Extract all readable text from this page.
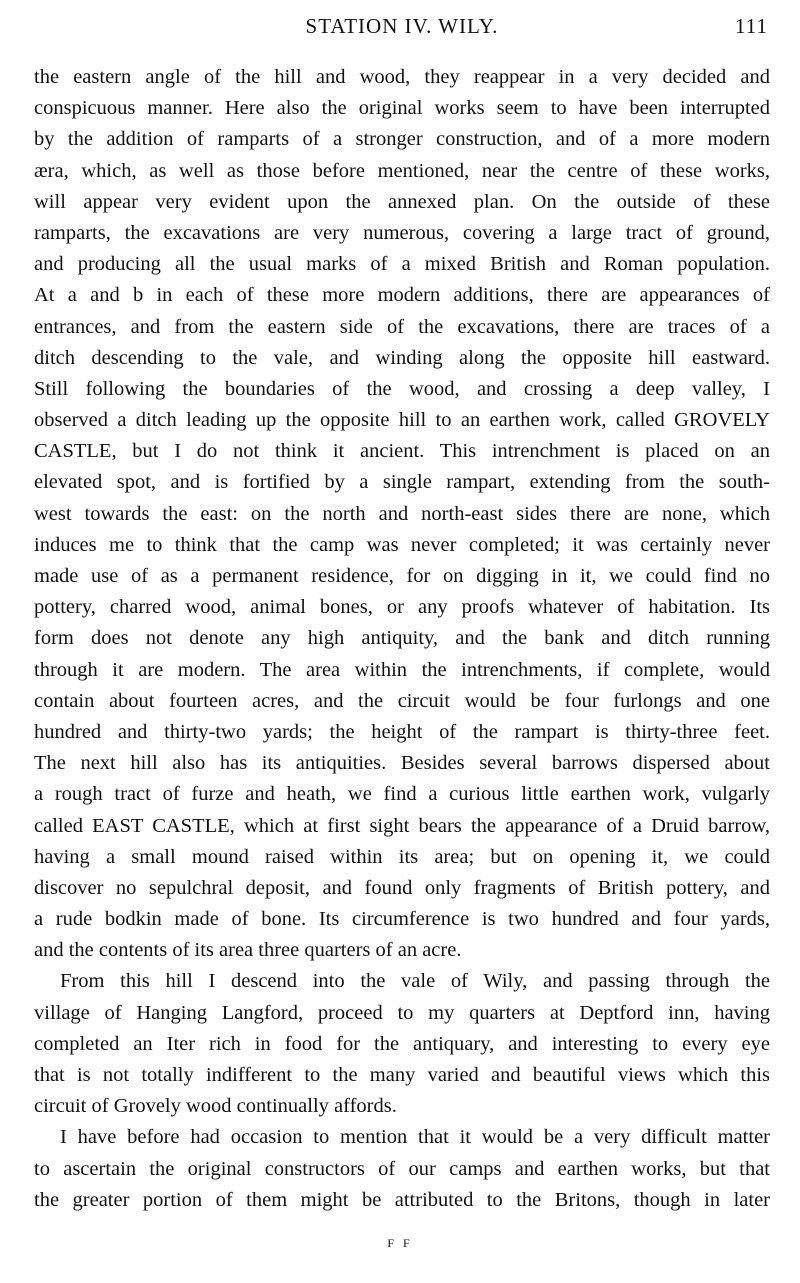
STATION IV. WILY.	111
the eastern angle of the hill and wood, they reappear in a very decided and
conspicuous manner. Here also the original works seem to have been interrupted
by the addition of ramparts of a stronger construction, and of a more modern
æra, which, as well as those before mentioned, near the centre of these works,
will appear very evident upon the annexed plan. On the outside of these
ramparts, the excavations are very numerous, covering a large tract of ground,
and producing all the usual marks of a mixed British and Roman population.
At a and b in each of these more modern additions, there are appearances of
entrances, and from the eastern side of the excavations, there are traces of a
ditch descending to the vale, and winding along the opposite hill eastward.
Still following the boundaries of the wood, and crossing a deep valley, I
observed a ditch leading up the opposite hill to an earthen work, called GROVELY
CASTLE, but I do not think it ancient. This intrenchment is placed on an
elevated spot, and is fortified by a single rampart, extending from the south-
west towards the east: on the north and north-east sides there are none, which
induces me to think that the camp was never completed; it was certainly never
made use of as a permanent residence, for on digging in it, we could find no
pottery, charred wood, animal bones, or any proofs whatever of habitation. Its
form does not denote any high antiquity, and the bank and ditch running
through it are modern. The area within the intrenchments, if complete, would
contain about fourteen acres, and the circuit would be four furlongs and one
hundred and thirty-two yards; the height of the rampart is thirty-three feet.
The next hill also has its antiquities. Besides several barrows dispersed about
a rough tract of furze and heath, we find a curious little earthen work, vulgarly
called EAST CASTLE, which at first sight bears the appearance of a Druid barrow,
having a small mound raised within its area; but on opening it, we could
discover no sepulchral deposit, and found only fragments of British pottery, and
a rude bodkin made of bone. Its circumference is two hundred and four yards,
and the contents of its area three quarters of an acre.
From this hill I descend into the vale of Wily, and passing through the
village of Hanging Langford, proceed to my quarters at Deptford inn, having
completed an Iter rich in food for the antiquary, and interesting to every eye
that is not totally indifferent to the many varied and beautiful views which this
circuit of Grovely wood continually affords.
I have before had occasion to mention that it would be a very difficult matter
to ascertain the original constructors of our camps and earthen works, but that
the greater portion of them might be attributed to the Britons, though in later
F F
